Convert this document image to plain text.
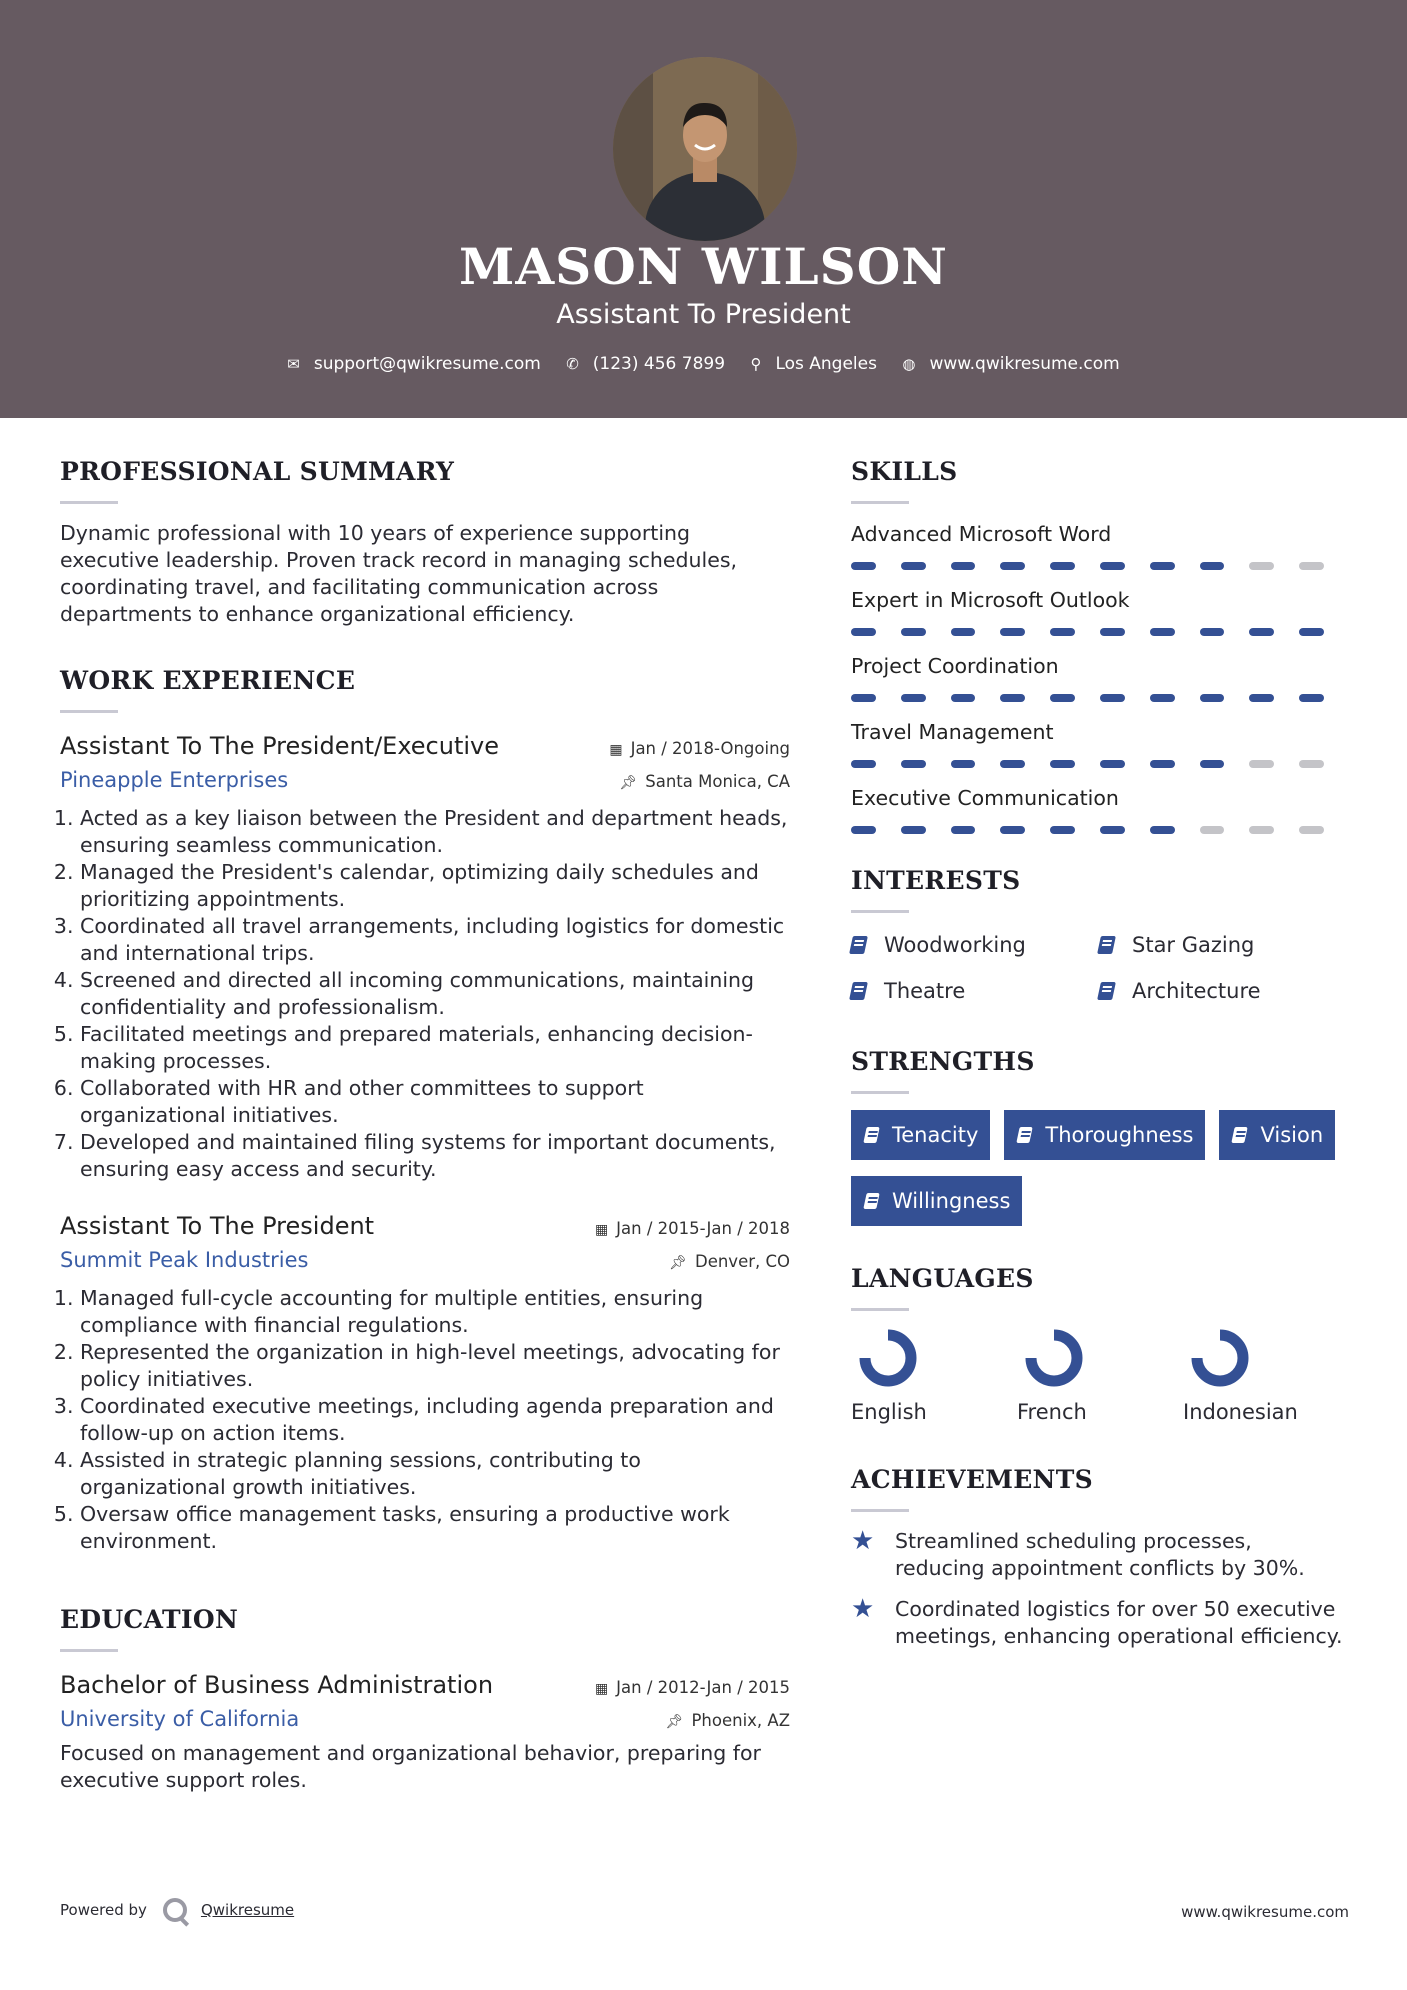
MASON WILSON
Assistant To President
✉ support@qwikresume.com ✆ (123) 456 7899 ⚲ Los Angeles ◍ www.qwikresume.com
PROFESSIONAL SUMMARY

Dynamic professional with 10 years of experience supporting executive leadership. Proven track record in managing schedules, coordinating travel, and facilitating communication across departments to enhance organizational efficiency.

WORK EXPERIENCE
Assistant To The President/Executive	▦ Jan / 2018-Ongoing
Pineapple Enterprises	📌︎ Santa Monica, CA
1. Acted as a key liaison between the President and department heads, ensuring seamless communication.
2. Managed the President's calendar, optimizing daily schedules and prioritizing appointments.
3. Coordinated all travel arrangements, including logistics for domestic and international trips.
4. Screened and directed all incoming communications, maintaining confidentiality and professionalism.
5. Facilitated meetings and prepared materials, enhancing decision-making processes.
6. Collaborated with HR and other committees to support organizational initiatives.
7. Developed and maintained filing systems for important documents, ensuring easy access and security.
Assistant To The President	▦ Jan / 2015-Jan / 2018
Summit Peak Industries	📌︎ Denver, CO
1. Managed full-cycle accounting for multiple entities, ensuring compliance with financial regulations.
2. Represented the organization in high-level meetings, advocating for policy initiatives.
3. Coordinated executive meetings, including agenda preparation and follow-up on action items.
4. Assisted in strategic planning sessions, contributing to organizational growth initiatives.
5. Oversaw office management tasks, ensuring a productive work environment.
EDUCATION
Bachelor of Business Administration	▦ Jan / 2012-Jan / 2015
University of California	📌︎ Phoenix, AZ

Focused on management and organizational behavior, preparing for executive support roles.

SKILLS
Advanced Microsoft Word
Expert in Microsoft Outlook
Project Coordination
Travel Management
Executive Communication
INTERESTS
Woodworking	Star Gazing
Theatre	Architecture
STRENGTHS
Tenacity	Thoroughness	Vision
Willingness
LANGUAGES
English	French	Indonesian
ACHIEVEMENTS
★	Streamlined scheduling processes, reducing appointment conflicts by 30%.
★	Coordinated logistics for over 50 executive meetings, enhancing operational efficiency.
Powered by	Qwikresume	www.qwikresume.com
